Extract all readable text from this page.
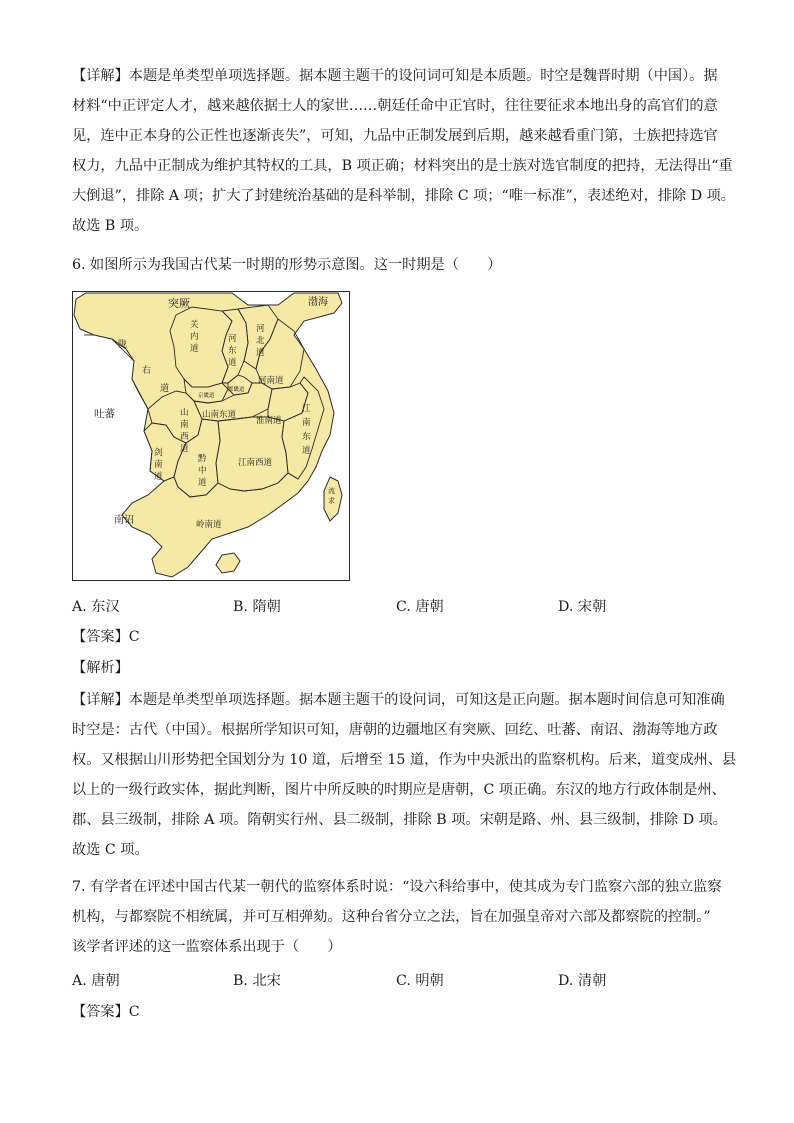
【详解】本题是单类型单项选择题。据本题主题干的设问词可知是本质题。时空是魏晋时期（中国）。据
材料“中正评定人才，越来越依据士人的家世……朝廷任命中正官时，往往要征求本地出身的高官们的意
见，连中正本身的公正性也逐渐丧失”，可知，九品中正制发展到后期，越来越看重门第，士族把持选官
权力，九品中正制成为维护其特权的工具，B 项正确；材料突出的是士族对选官制度的把持，无法得出“重
大倒退”，排除 A 项；扩大了封建统治基础的是科举制，排除 C 项；“唯一标准”，表述绝对，排除 D 项。
故选 B 项。
6. 如图所示为我国古代某一时期的形势示意图。这一时期是（　　）
突厥	渤海
陇
右
道
吐蕃
关
内
道
河
东
道
河
北
道
河南道
京畿道
都畿道
山
南
西
道
山南东道
淮南道
江
南
东
道
剑
南
道
黔
中
道
江南西道
流
求
南诏	岭南道
A. 东汉	B. 隋朝	C. 唐朝	D. 宋朝
【答案】C
【解析】
【详解】本题是单类型单项选择题。据本题主题干的设问词，可知这是正向题。据本题时间信息可知准确
时空是：古代（中国）。根据所学知识可知，唐朝的边疆地区有突厥、回纥、吐蕃、南诏、渤海等地方政
权。又根据山川形势把全国划分为 10 道，后增至 15 道，作为中央派出的监察机构。后来，道变成州、县
以上的一级行政实体，据此判断，图片中所反映的时期应是唐朝，C 项正确。东汉的地方行政体制是州、
郡、县三级制，排除 A 项。隋朝实行州、县二级制，排除 B 项。宋朝是路、州、县三级制，排除 D 项。
故选 C 项。
7. 有学者在评述中国古代某一朝代的监察体系时说：“设六科给事中，使其成为专门监察六部的独立监察
机构，与都察院不相统属，并可互相弹劾。这种台省分立之法，旨在加强皇帝对六部及都察院的控制。”
该学者评述的这一监察体系出现于（　　）
A. 唐朝	B. 北宋	C. 明朝	D. 清朝
【答案】C
